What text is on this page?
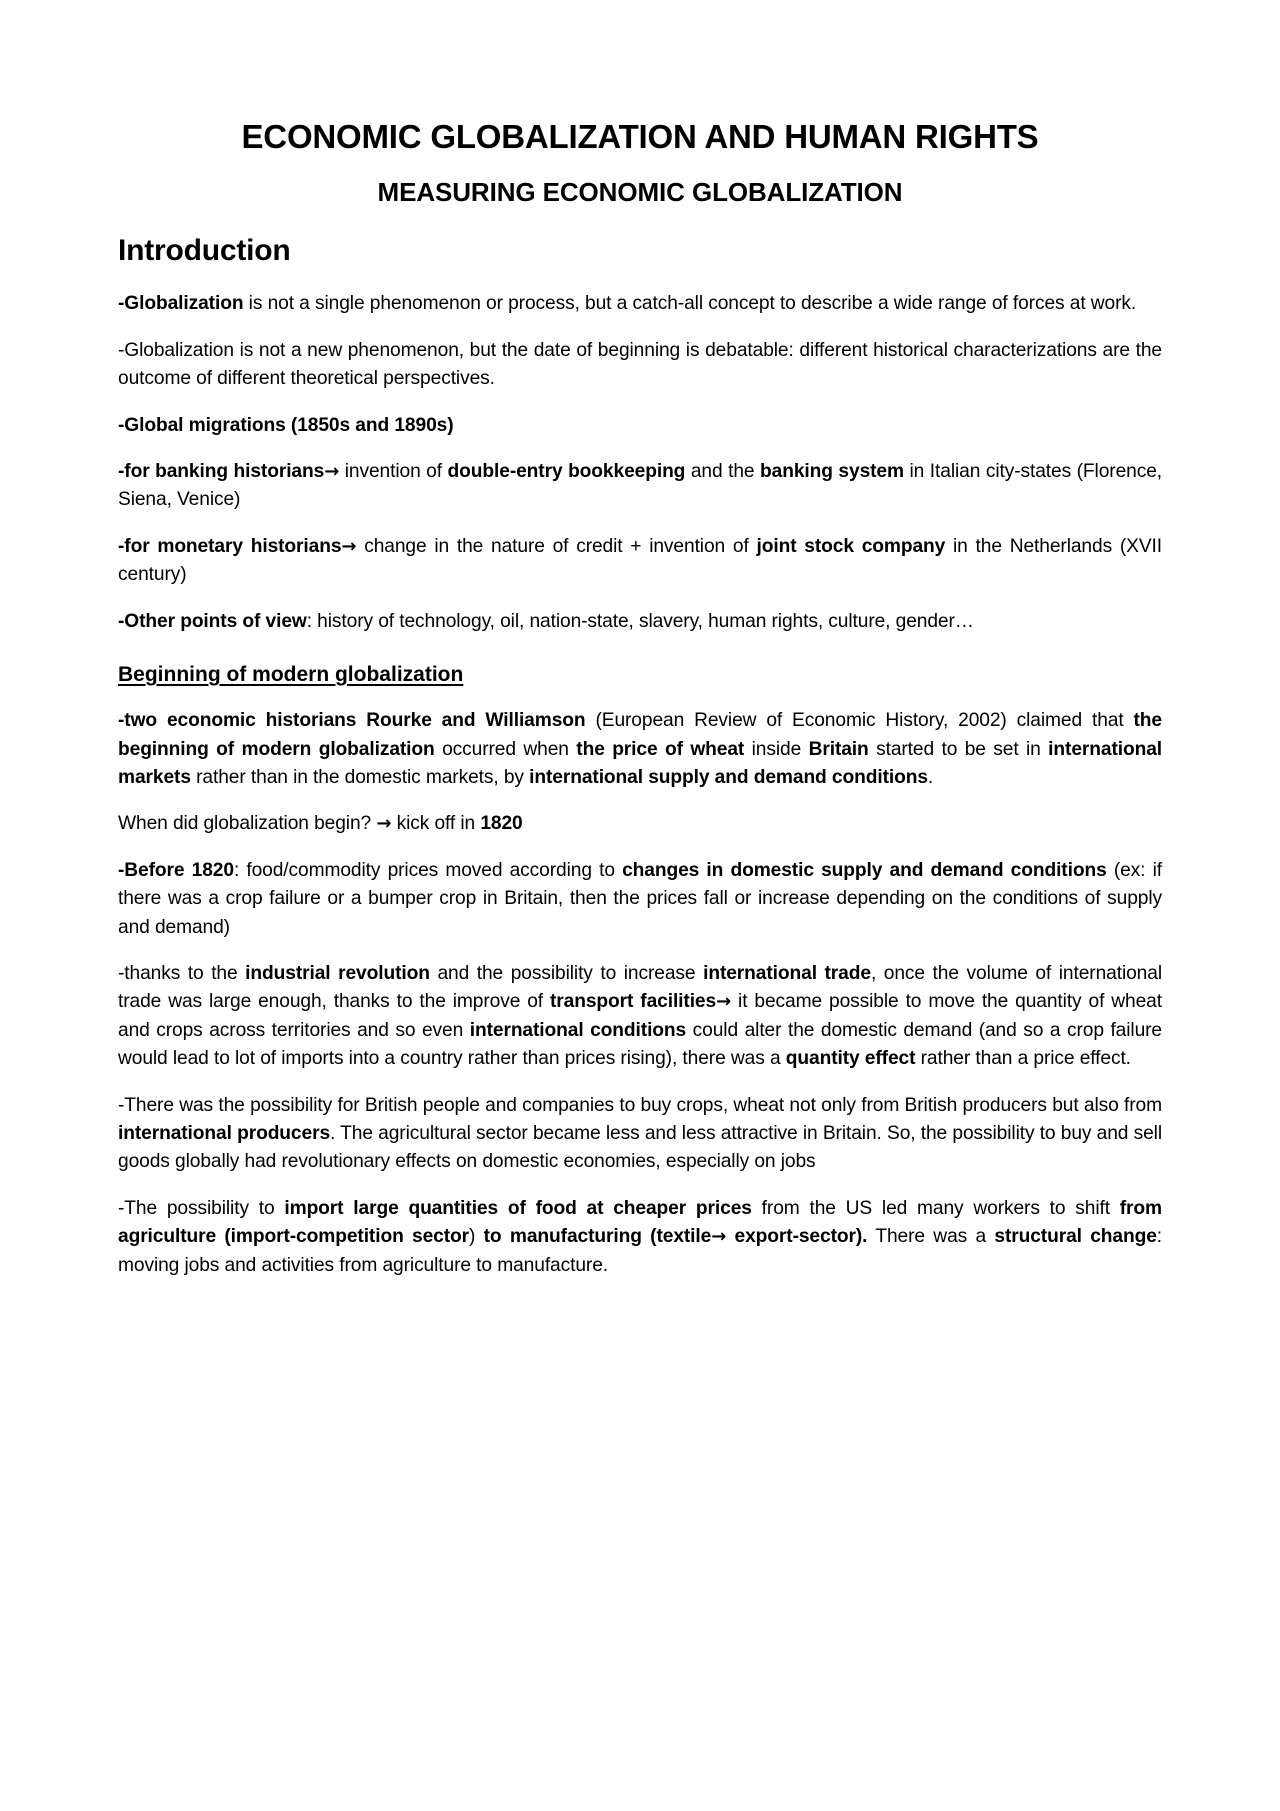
ECONOMIC GLOBALIZATION AND HUMAN RIGHTS
MEASURING ECONOMIC GLOBALIZATION
Introduction

-Globalization is not a single phenomenon or process, but a catch-all concept to describe a wide range of forces at work.

-Globalization is not a new phenomenon, but the date of beginning is debatable: different historical characterizations are the outcome of different theoretical perspectives.

-Global migrations (1850s and 1890s)

-for banking historians→ invention of double-entry bookkeeping and the banking system in Italian city-states (Florence, Siena, Venice)

-for monetary historians→ change in the nature of credit + invention of joint stock company in the Netherlands (XVII century)

-Other points of view: history of technology, oil, nation-state, slavery, human rights, culture, gender…

Beginning of modern globalization

-two economic historians Rourke and Williamson (European Review of Economic History, 2002) claimed that the beginning of modern globalization occurred when the price of wheat inside Britain started to be set in international markets rather than in the domestic markets, by international supply and demand conditions.

When did globalization begin? → kick off in 1820

-Before 1820: food/commodity prices moved according to changes in domestic supply and demand conditions (ex: if there was a crop failure or a bumper crop in Britain, then the prices fall or increase depending on the conditions of supply and demand)

-thanks to the industrial revolution and the possibility to increase international trade, once the volume of international trade was large enough, thanks to the improve of transport facilities→ it became possible to move the quantity of wheat and crops across territories and so even international conditions could alter the domestic demand (and so a crop failure would lead to lot of imports into a country rather than prices rising), there was a quantity effect rather than a price effect.

-There was the possibility for British people and companies to buy crops, wheat not only from British producers but also from international producers. The agricultural sector became less and less attractive in Britain. So, the possibility to buy and sell goods globally had revolutionary effects on domestic economies, especially on jobs

-The possibility to import large quantities of food at cheaper prices from the US led many workers to shift from agriculture (import-competition sector) to manufacturing (textile→ export-sector). There was a structural change: moving jobs and activities from agriculture to manufacture.
